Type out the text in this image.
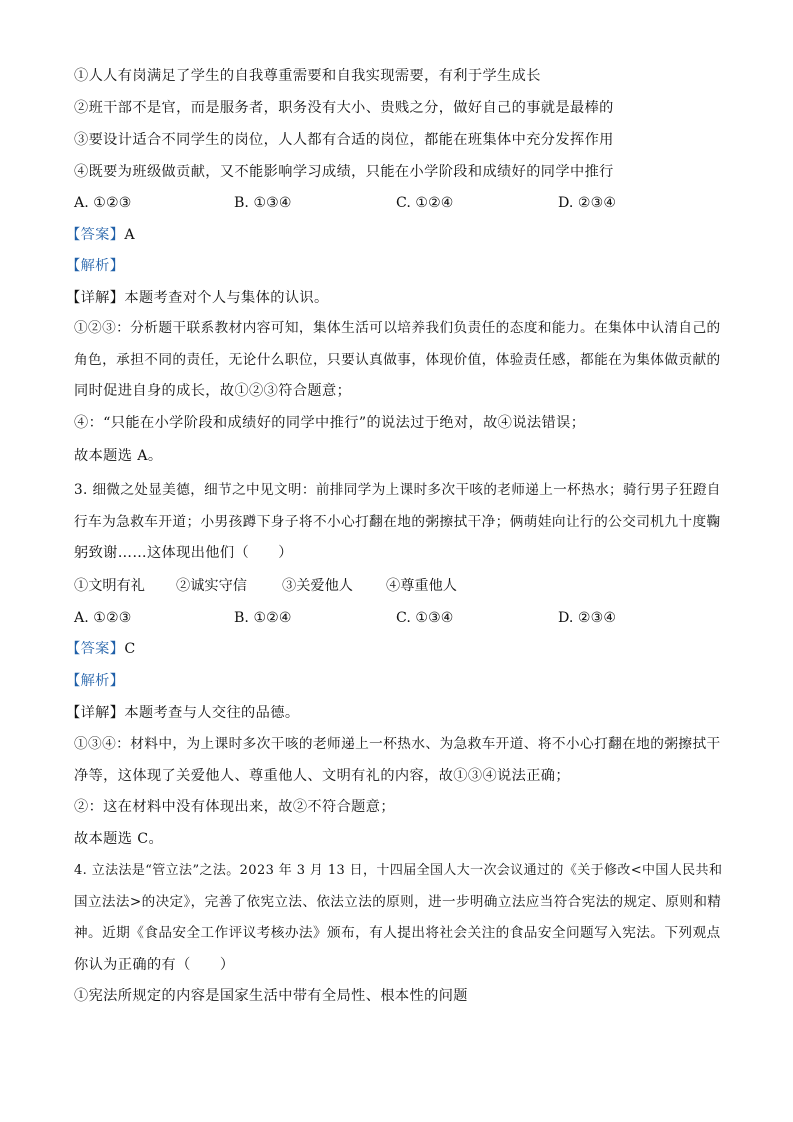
①人人有岗满足了学生的自我尊重需要和自我实现需要，有利于学生成长
②班干部不是官，而是服务者，职务没有大小、贵贱之分，做好自己的事就是最棒的
③要设计适合不同学生的岗位，人人都有合适的岗位，都能在班集体中充分发挥作用
④既要为班级做贡献，又不能影响学习成绩，只能在小学阶段和成绩好的同学中推行
A. ①②③	B. ①③④	C. ①②④	D. ②③④
【答案】A
【解析】
【详解】本题考查对个人与集体的认识。
①②③：分析题干联系教材内容可知，集体生活可以培养我们负责任的态度和能力。在集体中认清自己的
角色，承担不同的责任，无论什么职位，只要认真做事，体现价值，体验责任感，都能在为集体做贡献的
同时促进自身的成长，故①②③符合题意；
④：“只能在小学阶段和成绩好的同学中推行”的说法过于绝对，故④说法错误；
故本题选 A。
3. 细微之处显美德，细节之中见文明：前排同学为上课时多次干咳的老师递上一杯热水；骑行男子狂蹬自
行车为急救车开道；小男孩蹲下身子将不小心打翻在地的粥擦拭干净；俩萌娃向让行的公交司机九十度鞠
躬致谢……这体现出他们（　　）
①文明有礼 ②诚实守信 ③关爱他人 ④尊重他人
A. ①②③	B. ①②④	C. ①③④	D. ②③④
【答案】C
【解析】
【详解】本题考查与人交往的品德。
①③④：材料中，为上课时多次干咳的老师递上一杯热水、为急救车开道、将不小心打翻在地的粥擦拭干
净等，这体现了关爱他人、尊重他人、文明有礼的内容，故①③④说法正确；
②：这在材料中没有体现出来，故②不符合题意；
故本题选 C。
4. 立法法是“管立法”之法。2023 年 3 月 13 日，十四届全国人大一次会议通过的《关于修改<中国人民共和
国立法法>的决定》，完善了依宪立法、依法立法的原则，进一步明确立法应当符合宪法的规定、原则和精
神。近期《食品安全工作评议考核办法》颁布，有人提出将社会关注的食品安全问题写入宪法。下列观点
你认为正确的有（　　）
①宪法所规定的内容是国家生活中带有全局性、根本性的问题
